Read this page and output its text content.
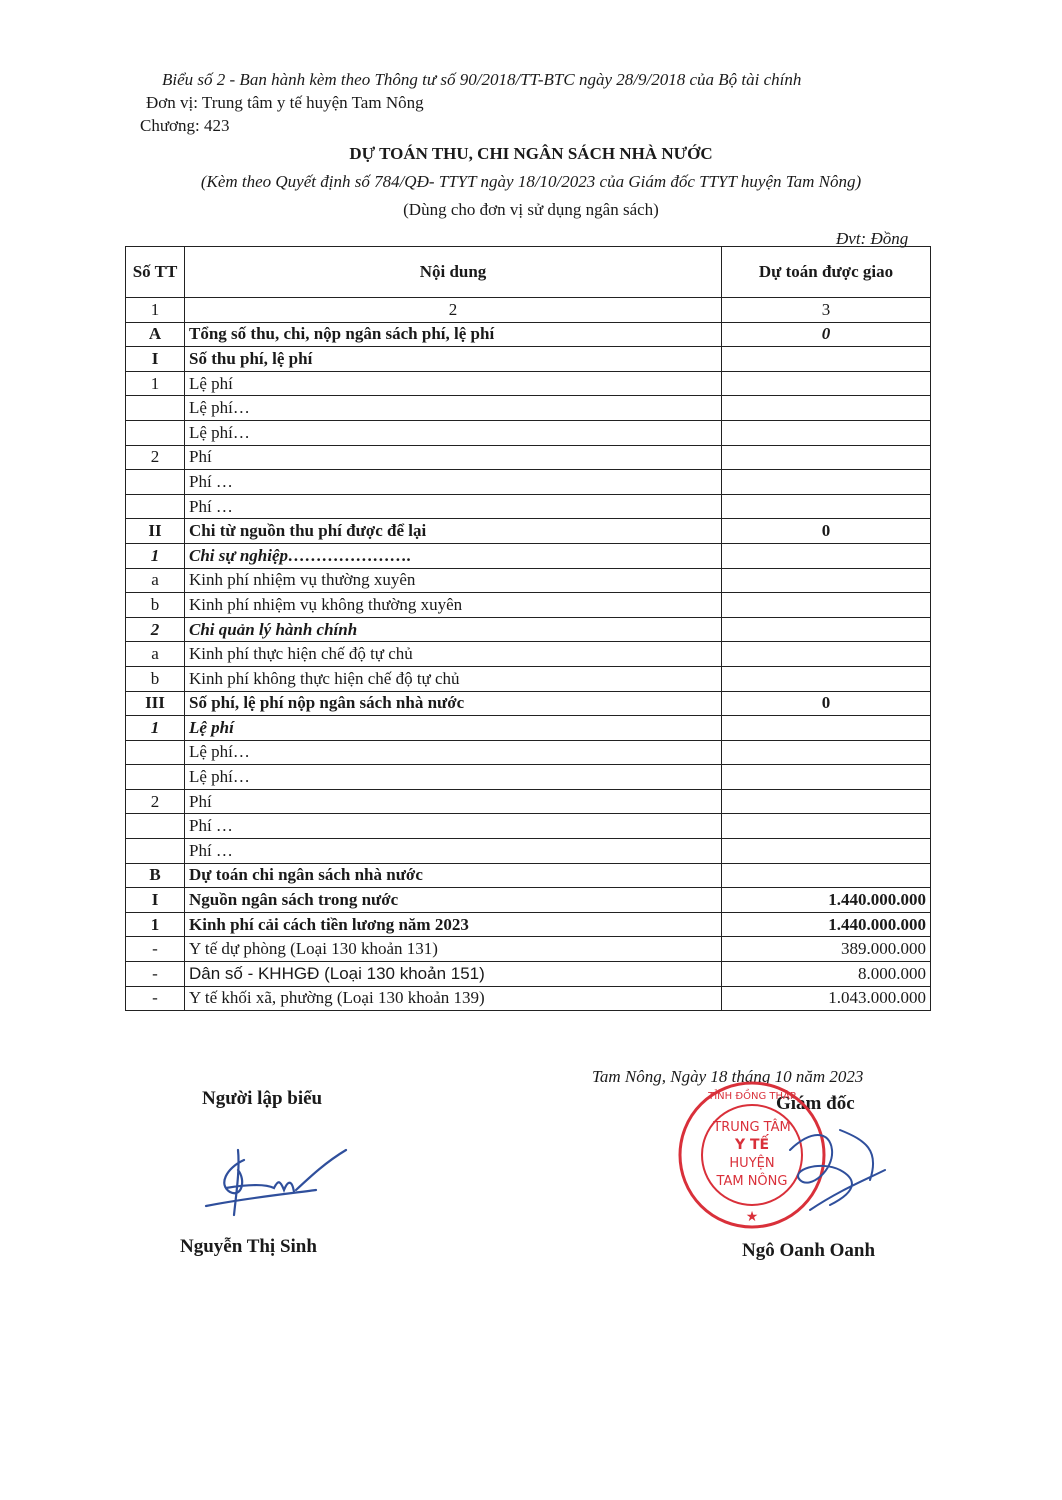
Biểu số 2 - Ban hành kèm theo Thông tư số 90/2018/TT-BTC ngày 28/9/2018 của Bộ tài chính
Đơn vị: Trung tâm y tế huyện Tam Nông
Chương: 423
DỰ TOÁN THU, CHI NGÂN SÁCH NHÀ NƯỚC
(Kèm theo Quyết định số 784/QĐ- TTYT ngày 18/10/2023 của Giám đốc TTYT huyện Tam Nông)
(Dùng cho đơn vị sử dụng ngân sách)
Đvt: Đồng
Số TT	Nội dung	Dự toán được giao
1	2	3
A	Tổng số thu, chi, nộp ngân sách phí, lệ phí	0
I	Số thu phí, lệ phí	
1	Lệ phí	
	Lệ phí…	
	Lệ phí…	
2	Phí	
	Phí …	
	Phí …	
II	Chi từ nguồn thu phí được để lại	0
1	Chi sự nghiệp………………….	
a	Kinh phí nhiệm vụ thường xuyên	
b	Kinh phí nhiệm vụ không thường xuyên	
2	Chi quản lý hành chính	
a	Kinh phí thực hiện chế độ tự chủ	
b	Kinh phí không thực hiện chế độ tự chủ	
III	Số phí, lệ phí nộp ngân sách nhà nước	0
1	Lệ phí	
	Lệ phí…	
	Lệ phí…	
2	Phí	
	Phí …	
	Phí …	
B	Dự toán chi ngân sách nhà nước	
I	Nguồn ngân sách trong nước	1.440.000.000
1	Kinh phí cải cách tiền lương năm 2023	1.440.000.000
-	Y tế dự phòng (Loại 130 khoản 131)	389.000.000
-	Dân số - KHHGĐ (Loại 130 khoản 151)	8.000.000
-	Y tế khối xã, phường (Loại 130 khoản 139)	1.043.000.000
Tam Nông, Ngày 18 tháng 10 năm 2023
Người lập biểu	Giám đốc
TRUNG TÂM
Y TẾ
HUYỆN
TAM NÔNG
TỈNH ĐỒNG THÁP
★
Nguyễn Thị Sinh	Ngô Oanh Oanh
